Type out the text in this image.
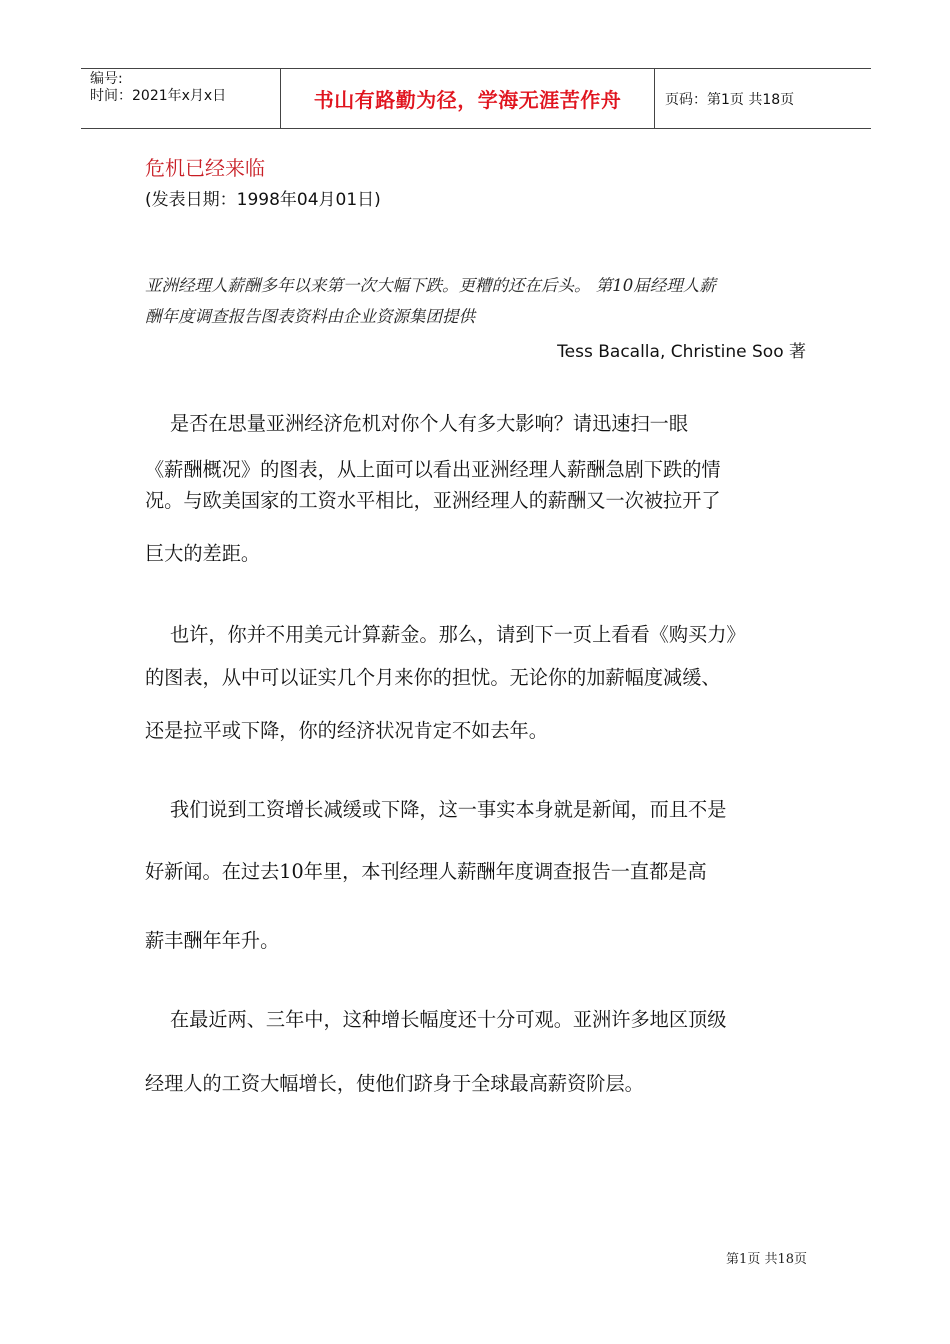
编号:
时间：2021年x月x日	书山有路勤为径，学海无涯苦作舟	页码：第1页 共18页
危机已经来临
(发表日期：1998年04月01日)
亚洲经理人薪酬多年以来第一次大幅下跌。更糟的还在后头。 第10届经理人薪
酬年度调查报告图表资料由企业资源集团提供
Tess Bacalla, Christine Soo 著
是否在思量亚洲经济危机对你个人有多大影响？请迅速扫一眼
《薪酬概况》的图表，从上面可以看出亚洲经理人薪酬急剧下跌的情
况。与欧美国家的工资水平相比，亚洲经理人的薪酬又一次被拉开了
巨大的差距。
也许，你并不用美元计算薪金。那么，请到下一页上看看《购买力》
的图表，从中可以证实几个月来你的担忧。无论你的加薪幅度减缓、
还是拉平或下降，你的经济状况肯定不如去年。
我们说到工资增长减缓或下降，这一事实本身就是新闻，而且不是
好新闻。在过去10年里，本刊经理人薪酬年度调查报告一直都是高
薪丰酬年年升。
在最近两、三年中，这种增长幅度还十分可观。亚洲许多地区顶级
经理人的工资大幅增长，使他们跻身于全球最高薪资阶层。
第1页 共18页
